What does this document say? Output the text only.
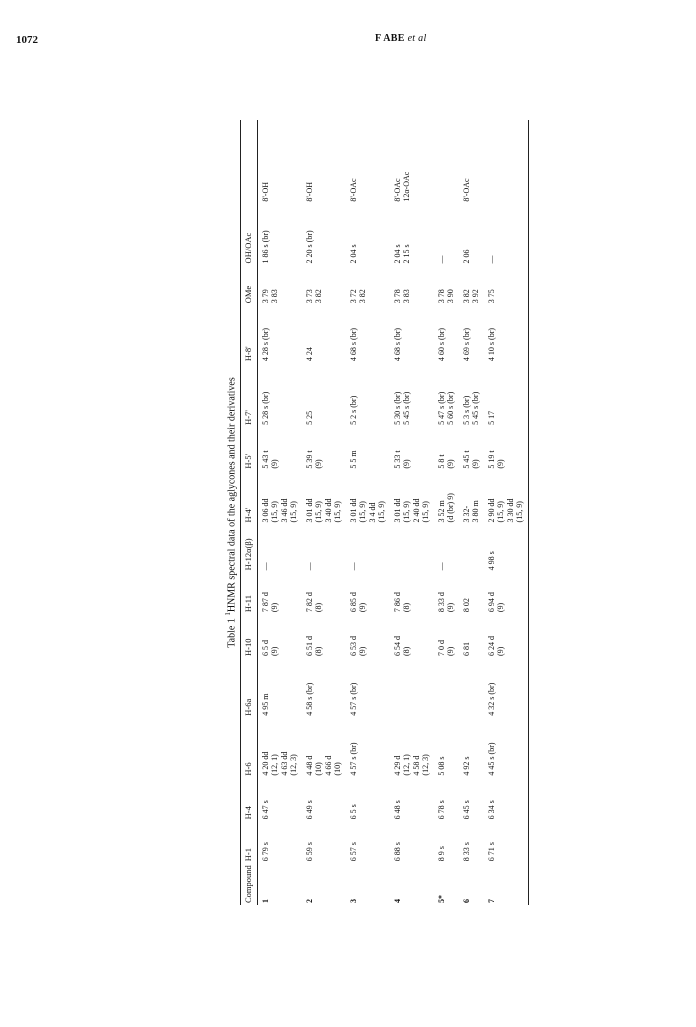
1072	F ABE et al
Table 1 $^1$HNMR spectral data of the aglycones and their derivatives
Compound	H-1	H-4	H-6	H-6a	H-10	H-11	H-12α(β)	H-4'	H-5'	H-7'	H-8'	OMe	OH/OAc	
1	6 79 s	6 47 s	4 20 dd (12, 1) 4 63 dd (12, 3)	4 95 m	6 5 d (9)	7 87 d (9)	—	3 06 dd (15, 9) 3 46 dd (15, 9)	5 43 t (9)	5 28 s (br)	4 28 s (br)	3 79 3 83	1 86 s (br)	8'-OH

2	6 59 s	6 49 s	4 48 d (10) 4 66 d (10)	4 58 s (br)	6 51 d (8)	7 82 d (8)	—	3 01 dd (15, 9) 3 40 dd (15, 9)	5 39 t (9)	5 25	4 24	3 73 3 82	2 20 s (br)	8'-OH

3	6 57 s	6 5 s	4 57 s (br)	4 57 s (br)	6 53 d (9)	6 85 d (9)	—	3 01 dd (15, 9) 3 4 dd (15, 9)	5 5 m	5 2 s (br)	4 68 s (br)	3 72 3 82	2 04 s	8'-OAc

4	6 88 s	6 48 s	4 29 d (12, 1) 4 58 d (12, 3)		6 54 d (8)	7 86 d (8)		3 01 dd (15, 9) 2 40 dd (15, 9)	5 33 t (9)	5 30 s (br) 5 45 s (br)	4 68 s (br)	3 78 3 83	2 04 s 2 15 s	8'-OAc 12α-OAc

5*	8 9 s	6 78 s	5 08 s		7 0 d (9)	8 33 d (9)	—	3 52 m (d (br) 9)	5 8 t (9)	5 47 s (br) 5 60 s (br)	4 60 s (br)	3 78 3 90	—	

6	8 33 s	6 45 s	4 92 s		6 81	8 02		3 32- 3 80 m	5 45 t (9)	5 3 s (br) 5 45 s (br)	4 69 s (br)	3 82 3 92	2 06	8'-OAc

7	6 71 s	6 34 s	4 45 s (br)	4 32 s (br)	6 24 d (9)	6 94 d (9)	4 98 s	2 90 dd (15, 9) 3 30 dd (15, 9)	5 19 t (9)	5 17	4 10 s (br)	3 75	—	
